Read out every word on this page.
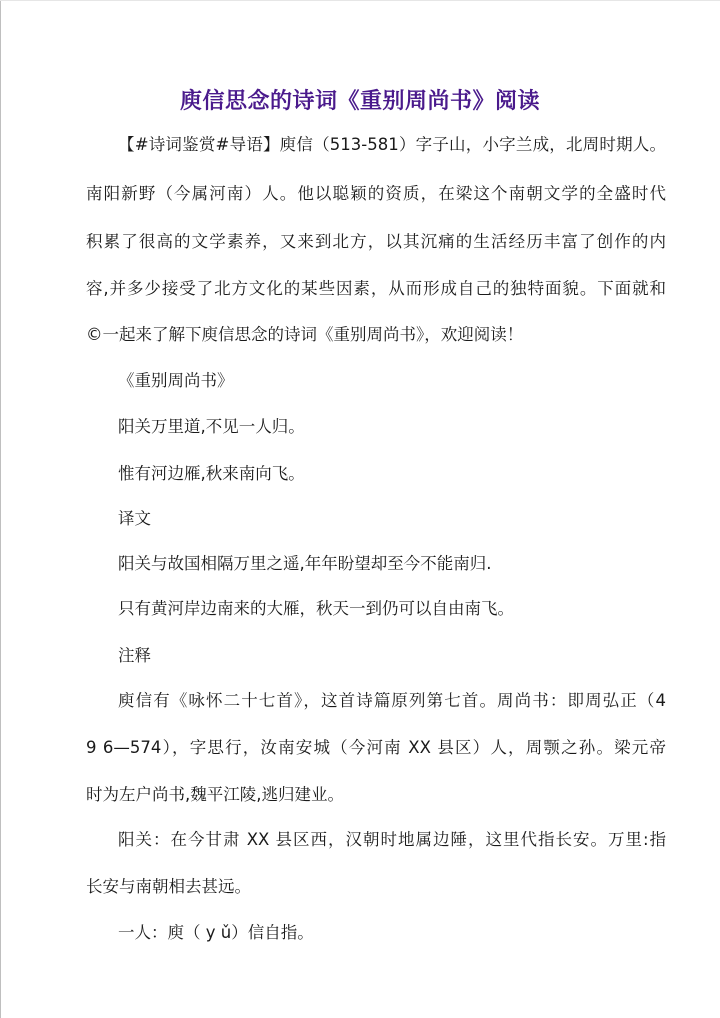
庾信思念的诗词《重别周尚书》阅读
【#诗词鉴赏#导语】庾信（513-581）字子山，小字兰成，北周时期人。
南阳新野（今属河南）人。他以聪颖的资质，在梁这个南朝文学的全盛时代
积累了很高的文学素养，又来到北方，以其沉痛的生活经历丰富了创作的内
容,并多少接受了北方文化的某些因素，从而形成自己的独特面貌。下面就和
©一起来了解下庾信思念的诗词《重别周尚书》，欢迎阅读！
《重别周尚书》
阳关万里道,不见一人归。
惟有河边雁,秋来南向飞。
译文
阳关与故国相隔万里之遥,年年盼望却至今不能南归.
只有黄河岸边南来的大雁，秋天一到仍可以自由南飞。
注释
庾信有《咏怀二十七首》，这首诗篇原列第七首。周尚书：即周弘正（4
9 6—574），字思行，汝南安城（今河南 XX 县区）人，周颚之孙。梁元帝
时为左户尚书,魏平江陵,逃归建业。
阳关：在今甘肃 XX 县区西，汉朝时地属边陲，这里代指长安。万里:指
长安与南朝相去甚远。
一人：庾（ y ǔ）信自指。
